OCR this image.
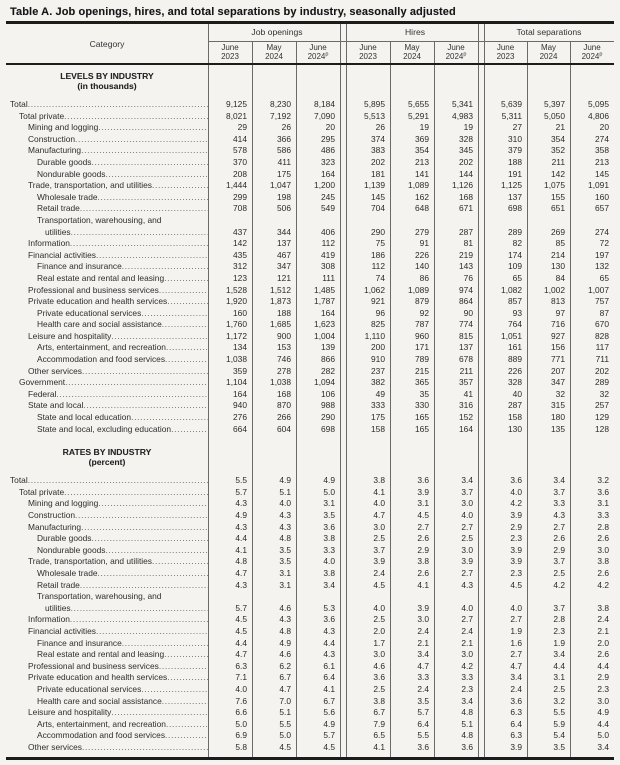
Table A. Job openings, hires, and total separations by industry, seasonally adjusted
Category
Job openings	Hires	Total separations
June
2023
May
2024
June
2024$^p$
June
2023
May
2024
June
2024$^p$
June
2023
May
2024
June
2024$^p$
LEVELS BY INDUSTRY
(in thousands)
Total .....	9,125	8,230	8,184	5,895	5,655	5,341	5,639	5,397	5,095
Total private .....	8,021	7,192	7,090	5,513	5,291	4,983	5,311	5,050	4,806
Mining and logging .....	29	26	20	26	19	19	27	21	20
Construction .....	414	366	295	374	369	328	310	354	274
Manufacturing .....	578	586	486	383	354	345	379	352	358
Durable goods .....	370	411	323	202	213	202	188	211	213
Nondurable goods .....	208	175	164	181	141	144	191	142	145
Trade, transportation, and utilities .....	1,444	1,047	1,200	1,139	1,089	1,126	1,125	1,075	1,091
Wholesale trade .....	299	198	245	145	162	168	137	155	160
Retail trade .....	708	506	549	704	648	671	698	651	657
Transportation, warehousing, and
utilities .....	437	344	406	290	279	287	289	269	274
Information .....	142	137	112	75	91	81	82	85	72
Financial activities .....	435	467	419	186	226	219	174	214	197
Finance and insurance .....	312	347	308	112	140	143	109	130	132
Real estate and rental and leasing .....	123	121	111	74	86	76	65	84	65
Professional and business services .....	1,528	1,512	1,485	1,062	1,089	974	1,082	1,002	1,007
Private education and health services .....	1,920	1,873	1,787	921	879	864	857	813	757
Private educational services .....	160	188	164	96	92	90	93	97	87
Health care and social assistance .....	1,760	1,685	1,623	825	787	774	764	716	670
Leisure and hospitality .....	1,172	900	1,004	1,110	960	815	1,051	927	828
Arts, entertainment, and recreation .....	134	153	139	200	171	137	161	156	117
Accommodation and food services .....	1,038	746	866	910	789	678	889	771	711
Other services .....	359	278	282	237	215	211	226	207	202
Government .....	1,104	1,038	1,094	382	365	357	328	347	289
Federal .....	164	168	106	49	35	41	40	32	32
State and local .....	940	870	988	333	330	316	287	315	257
State and local education .....	276	266	290	175	165	152	158	180	129
State and local, excluding education .....	664	604	698	158	165	164	130	135	128
RATES BY INDUSTRY
(percent)
Total .....	5.5	4.9	4.9	3.8	3.6	3.4	3.6	3.4	3.2
Total private .....	5.7	5.1	5.0	4.1	3.9	3.7	4.0	3.7	3.6
Mining and logging .....	4.3	4.0	3.1	4.0	3.1	3.0	4.2	3.3	3.1
Construction .....	4.9	4.3	3.5	4.7	4.5	4.0	3.9	4.3	3.3
Manufacturing .....	4.3	4.3	3.6	3.0	2.7	2.7	2.9	2.7	2.8
Durable goods .....	4.4	4.8	3.8	2.5	2.6	2.5	2.3	2.6	2.6
Nondurable goods .....	4.1	3.5	3.3	3.7	2.9	3.0	3.9	2.9	3.0
Trade, transportation, and utilities .....	4.8	3.5	4.0	3.9	3.8	3.9	3.9	3.7	3.8
Wholesale trade .....	4.7	3.1	3.8	2.4	2.6	2.7	2.3	2.5	2.6
Retail trade .....	4.3	3.1	3.4	4.5	4.1	4.3	4.5	4.2	4.2
Transportation, warehousing, and
utilities .....	5.7	4.6	5.3	4.0	3.9	4.0	4.0	3.7	3.8
Information .....	4.5	4.3	3.6	2.5	3.0	2.7	2.7	2.8	2.4
Financial activities .....	4.5	4.8	4.3	2.0	2.4	2.4	1.9	2.3	2.1
Finance and insurance .....	4.4	4.9	4.4	1.7	2.1	2.1	1.6	1.9	2.0
Real estate and rental and leasing .....	4.7	4.6	4.3	3.0	3.4	3.0	2.7	3.4	2.6
Professional and business services .....	6.3	6.2	6.1	4.6	4.7	4.2	4.7	4.4	4.4
Private education and health services .....	7.1	6.7	6.4	3.6	3.3	3.3	3.4	3.1	2.9
Private educational services .....	4.0	4.7	4.1	2.5	2.4	2.3	2.4	2.5	2.3
Health care and social assistance .....	7.6	7.0	6.7	3.8	3.5	3.4	3.6	3.2	3.0
Leisure and hospitality .....	6.6	5.1	5.6	6.7	5.7	4.8	6.3	5.5	4.9
Arts, entertainment, and recreation .....	5.0	5.5	4.9	7.9	6.4	5.1	6.4	5.9	4.4
Accommodation and food services .....	6.9	5.0	5.7	6.5	5.5	4.8	6.3	5.4	5.0
Other services .....	5.8	4.5	4.5	4.1	3.6	3.6	3.9	3.5	3.4
